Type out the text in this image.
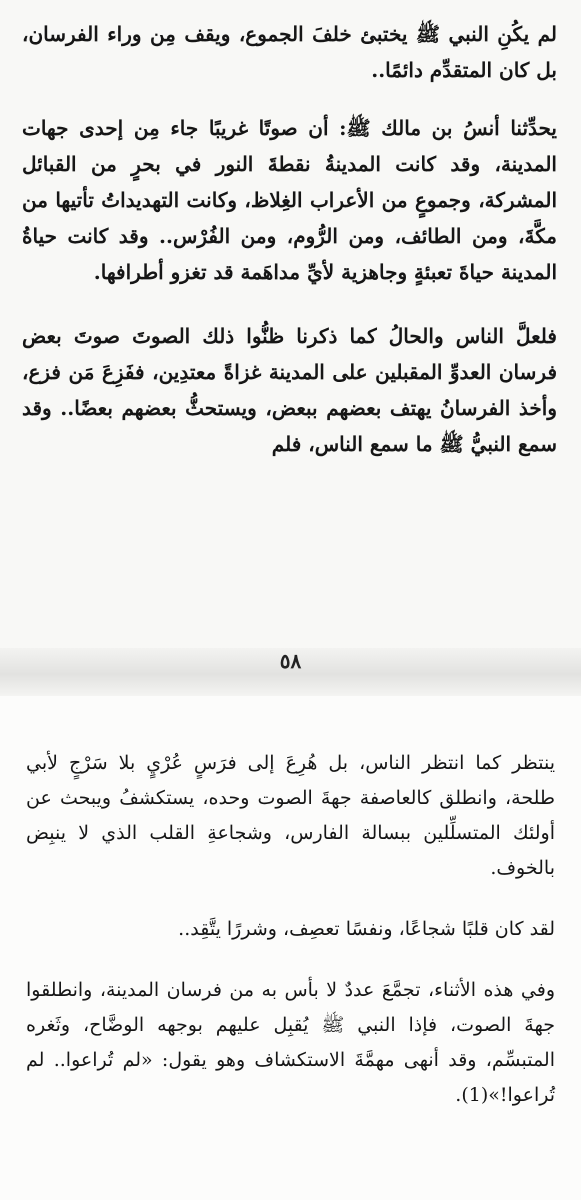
لم يكُنِ النبي ﷺ يختبئ خلفَ الجموع، ويقف مِن وراء الفرسان، بل كان المتقدِّم دائمًا..

يحدِّثنا أنسُ بن مالك ﷺ: أن صوتًا غريبًا جاء مِن إحدى جهات المدينة، وقد كانت المدينةُ نقطةَ النور في بحرٍ من القبائل المشركة، وجموعٍ من الأعراب الغِلاظ، وكانت التهديداتُ تأتيها من مكَّةَ، ومن الطائف، ومن الرُّوم، ومن الفُرْس.. وقد كانت حياةُ المدينة حياةَ تعبئةٍ وجاهزية لأيِّ مداهَمة قد تغزو أطرافها.

فلعلَّ الناس والحالُ كما ذكرنا ظنُّوا ذلك الصوتَ صوتَ بعض فرسان العدوِّ المقبلين على المدينة غزاةً معتدِين، ففَزِعَ مَن فزع، وأخذ الفرسانُ يهتف بعضهم ببعض، ويستحثُّ بعضهم بعضًا.. وقد سمع النبيُّ ﷺ ما سمع الناس، فلم

٥٨

ينتظر كما انتظر الناس، بل هُرِعَ إلى فرَسٍ عُرْيٍ بلا سَرْجٍ لأبي طلحة، وانطلق كالعاصفة جهةَ الصوت وحده، يستكشفُ ويبحث عن أولئك المتسلِّلين ببسالة الفارس، وشجاعةِ القلب الذي لا ينبِض بالخوف.

لقد كان قلبًا شجاعًا، ونفسًا تعصِف، وشررًا يتَّقِد..

وفي هذه الأثناء، تجمَّعَ عددٌ لا بأس به من فرسان المدينة، وانطلقوا جهةَ الصوت، فإذا النبي ﷺ يُقبِل عليهم بوجهه الوضَّاح، وثَغره المتبسِّم، وقد أنهى مهمَّةَ الاستكشاف وهو يقول: «لم تُراعوا.. لم تُراعوا!»(1).
